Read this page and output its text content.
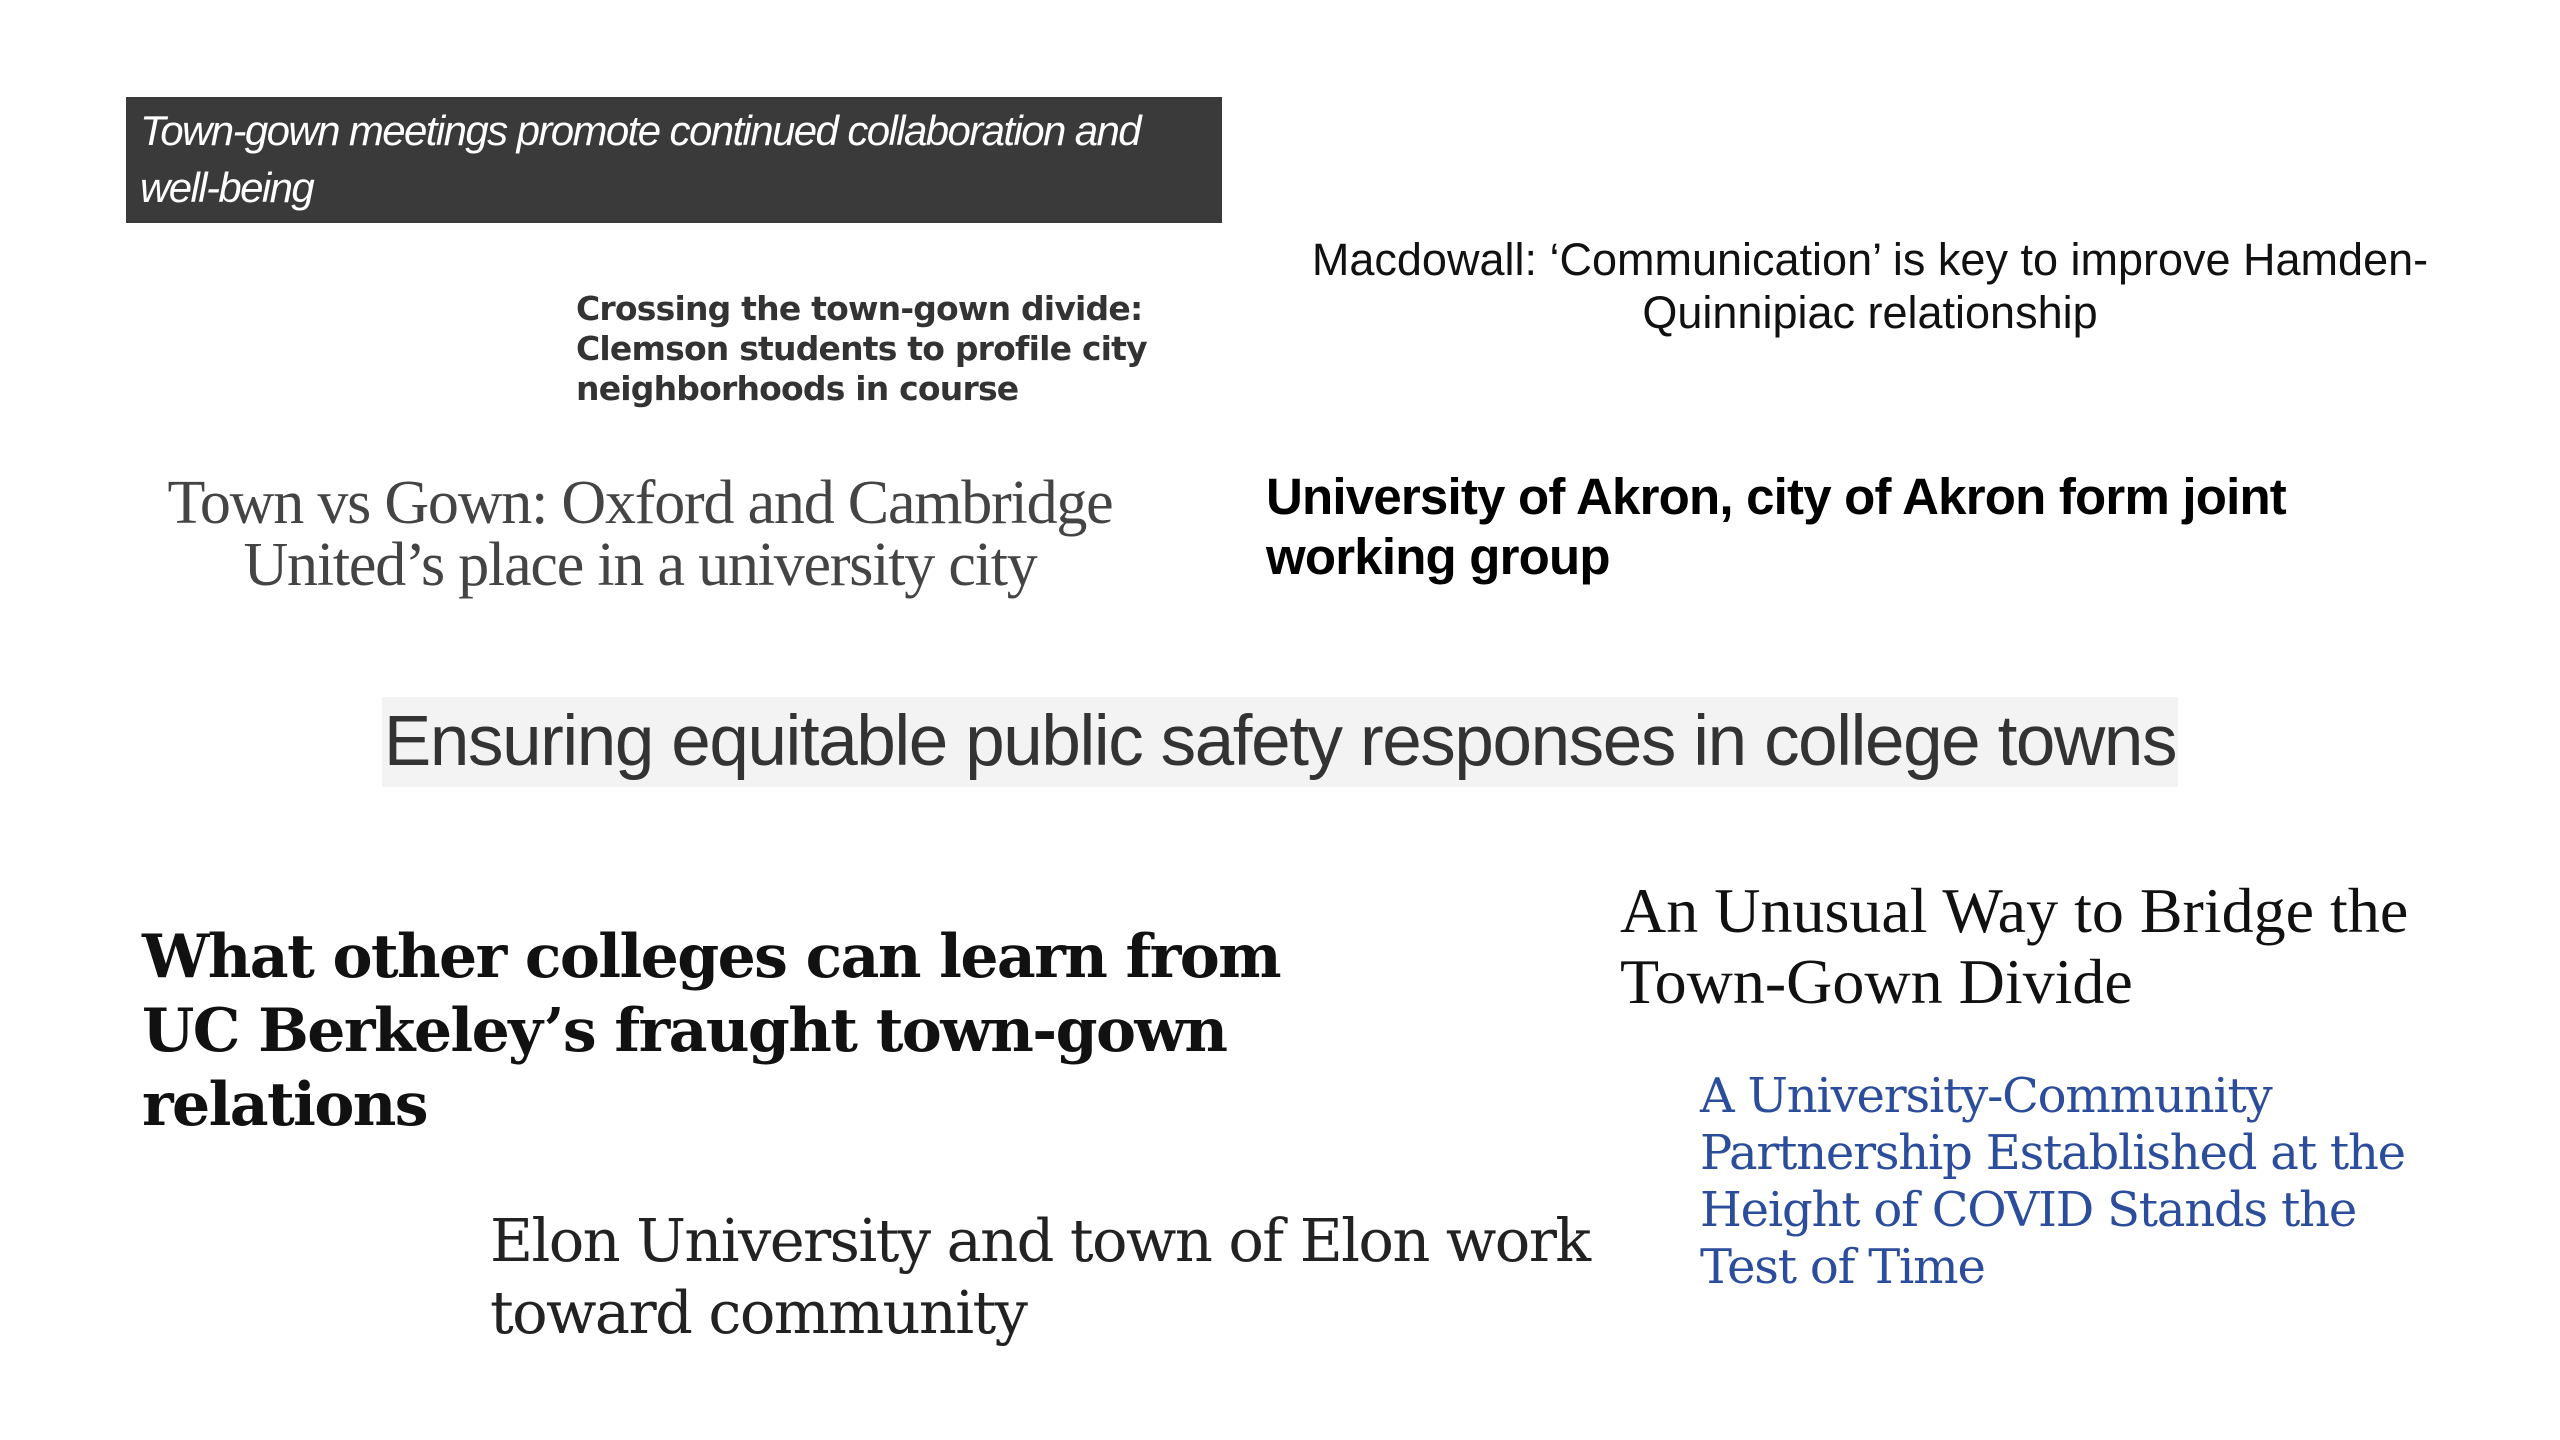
Town-gown meetings promote continued collaboration and well-being
Macdowall: ‘Communication’ is key to improve Hamden-Quinnipiac relationship
Crossing the town-gown divide: Clemson students to profile city neighborhoods in course
Town vs Gown: Oxford and Cambridge United’s place in a university city
University of Akron, city of Akron form joint working group
Ensuring equitable public safety responses in college towns
What other colleges can learn from UC Berkeley’s fraught town-gown relations
An Unusual Way to Bridge the Town-Gown Divide
A University-Community Partnership Established at the Height of COVID Stands the Test of Time
Elon University and town of Elon work toward community
